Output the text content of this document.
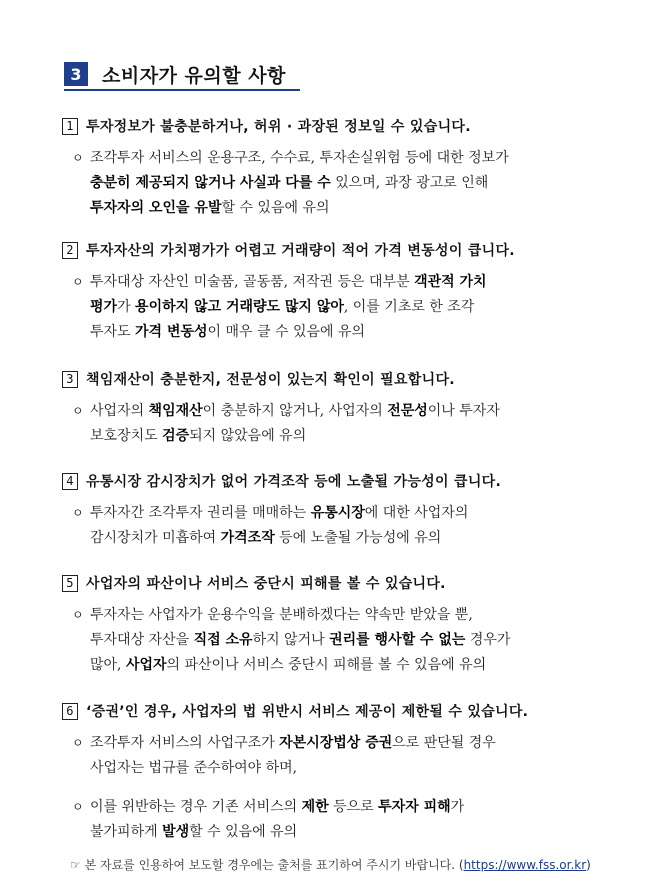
3	소비자가 유의할 사항
1 투자정보가 불충분하거나, 허위 · 과장된 정보일 수 있습니다.
ㅇ 조각투자 서비스의 운용구조, 수수료, 투자손실위험 등에 대한 정보가
충분히 제공되지 않거나 사실과 다를 수 있으며, 과장 광고로 인해
투자자의 오인을 유발할 수 있음에 유의
2 투자자산의 가치평가가 어렵고 거래량이 적어 가격 변동성이 큽니다.
ㅇ 투자대상 자산인 미술품, 골동품, 저작권 등은 대부분 객관적 가치
평가가 용이하지 않고 거래량도 많지 않아, 이를 기초로 한 조각
투자도 가격 변동성이 매우 클 수 있음에 유의
3 책임재산이 충분한지, 전문성이 있는지 확인이 필요합니다.
ㅇ 사업자의 책임재산이 충분하지 않거나, 사업자의 전문성이나 투자자
보호장치도 검증되지 않았음에 유의
4 유통시장 감시장치가 없어 가격조작 등에 노출될 가능성이 큽니다.
ㅇ 투자자간 조각투자 권리를 매매하는 유통시장에 대한 사업자의
감시장치가 미흡하여 가격조작 등에 노출될 가능성에 유의
5 사업자의 파산이나 서비스 중단시 피해를 볼 수 있습니다.
ㅇ 투자자는 사업자가 운용수익을 분배하겠다는 약속만 받았을 뿐,
투자대상 자산을 직접 소유하지 않거나 권리를 행사할 수 없는 경우가
많아, 사업자의 파산이나 서비스 중단시 피해를 볼 수 있음에 유의
6 ‘증권’인 경우, 사업자의 법 위반시 서비스 제공이 제한될 수 있습니다.
ㅇ 조각투자 서비스의 사업구조가 자본시장법상 증권으로 판단될 경우
사업자는 법규를 준수하여야 하며,
ㅇ 이를 위반하는 경우 기존 서비스의 제한 등으로 투자자 피해가
불가피하게 발생할 수 있음에 유의
☞ 본 자료를 인용하여 보도할 경우에는 출처를 표기하여 주시기 바랍니다. (https://www.fss.or.kr)
